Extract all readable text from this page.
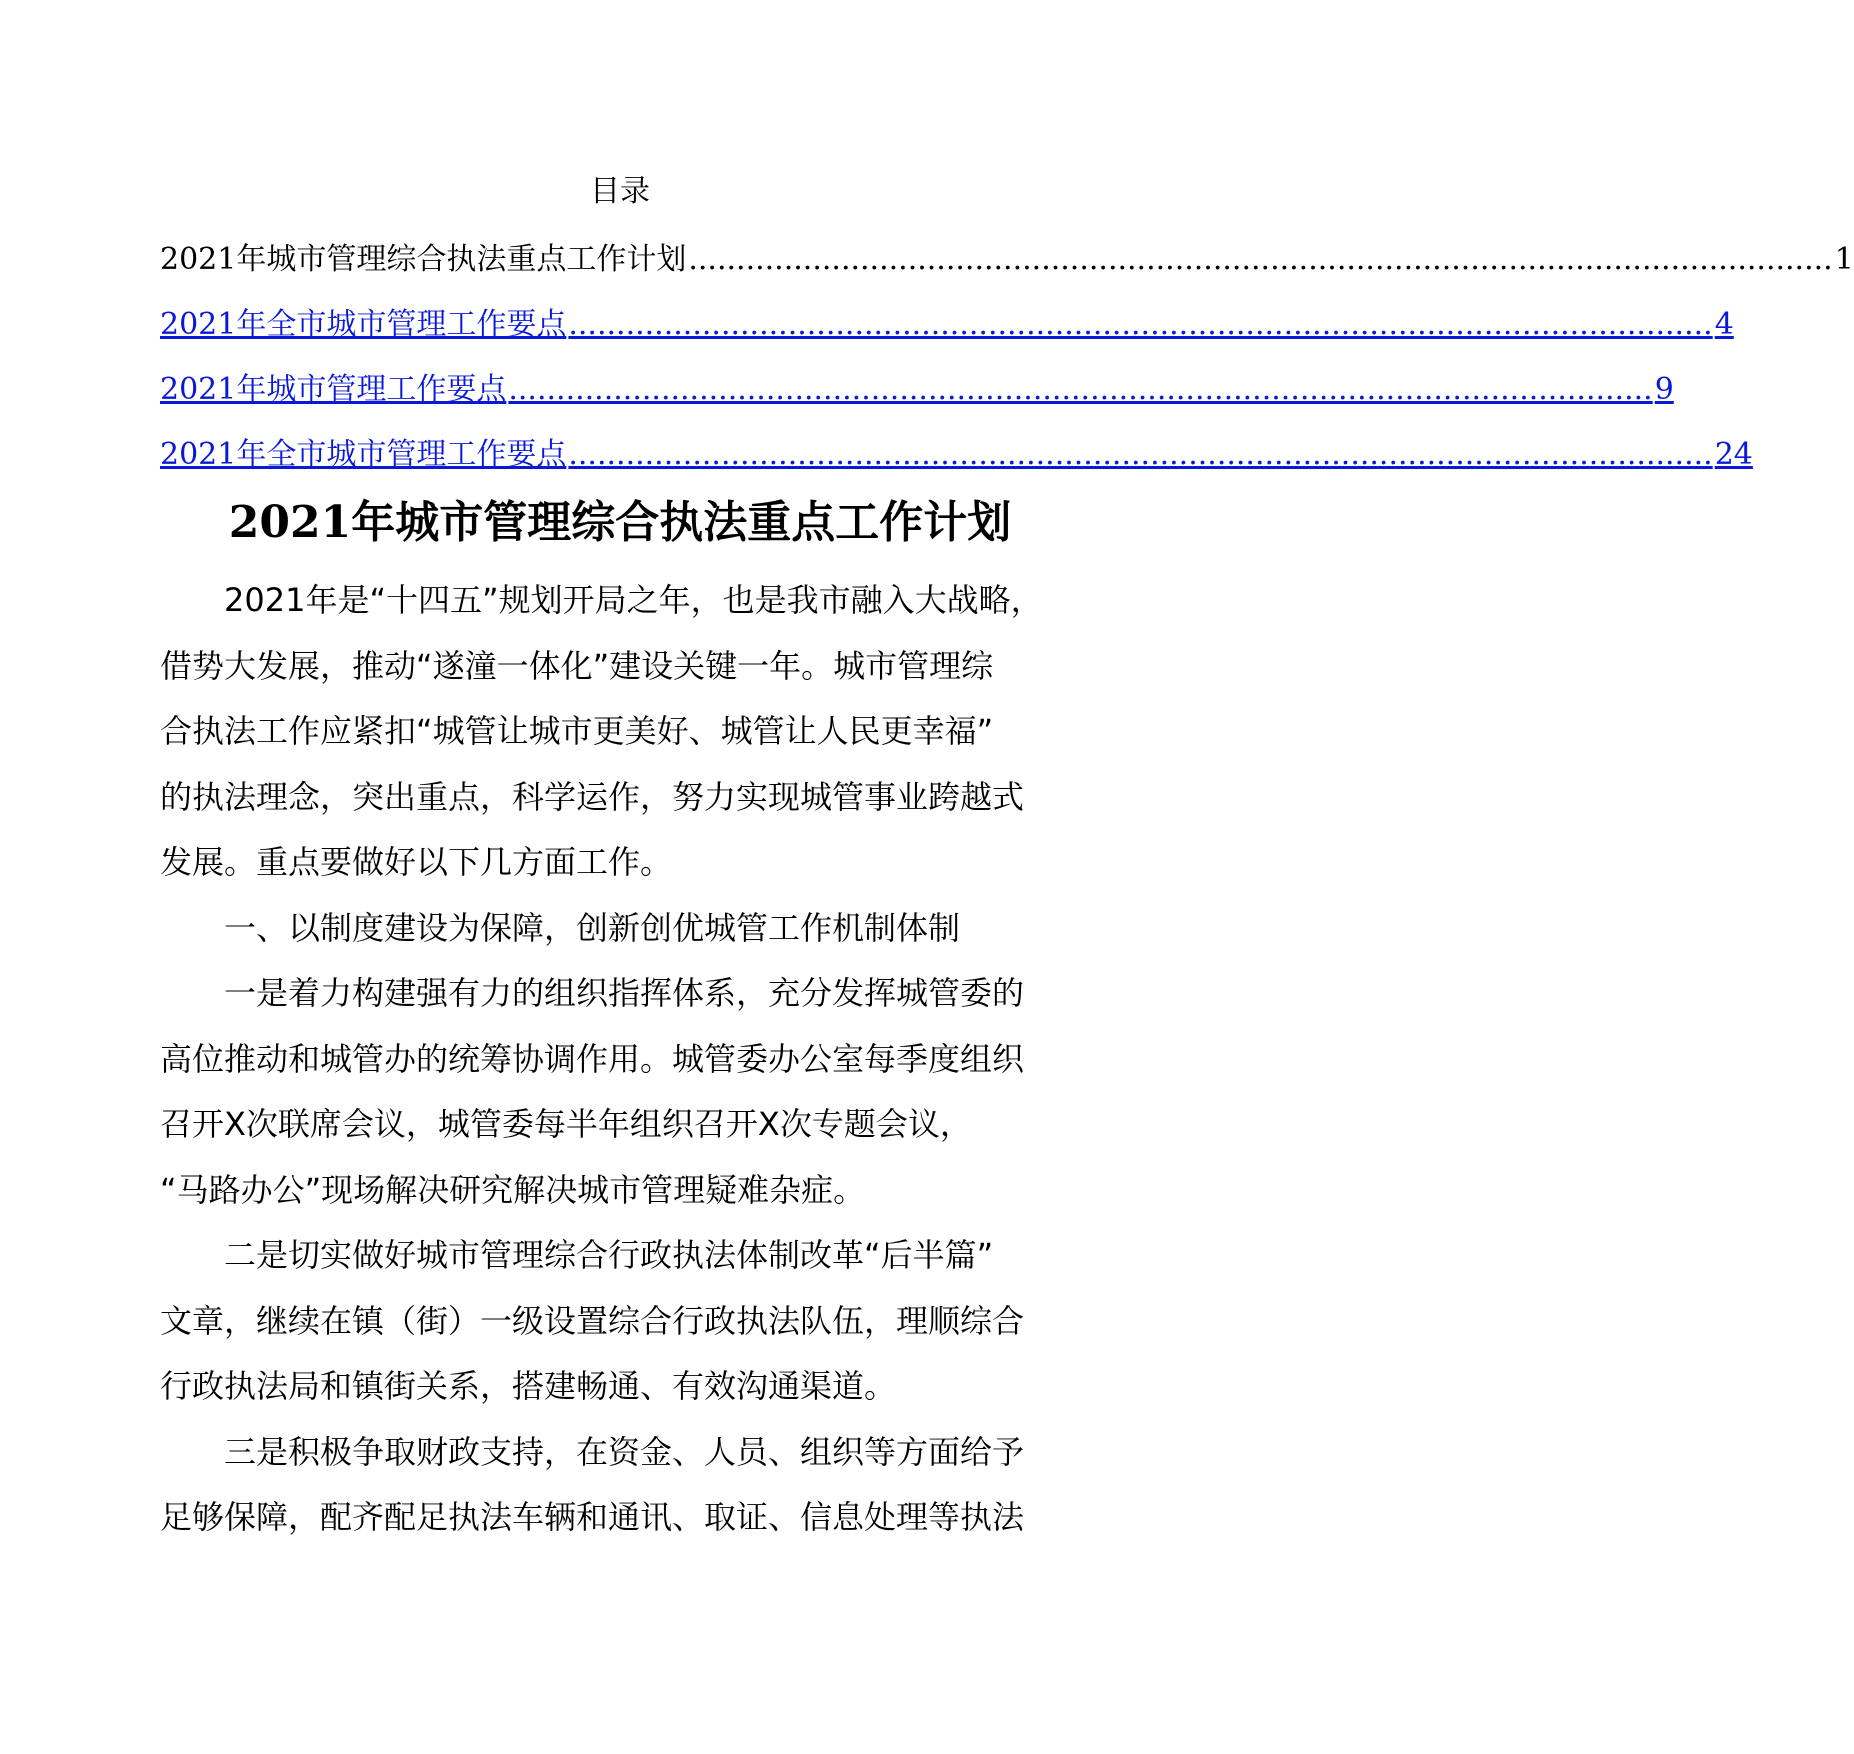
目录
2021年城市管理综合执法重点工作计划 ........................................................................................................................ 1
2021年全市城市管理工作要点 ........................................................................................................................ 4
2021年城市管理工作要点 ........................................................................................................................ 9
2021年全市城市管理工作要点 ........................................................................................................................ 24
2021年城市管理综合执法重点工作计划

2021年是“十四五”规划开局之年，也是我市融入大战略，
借势大发展，推动“遂潼一体化”建设关键一年。城市管理综
合执法工作应紧扣“城管让城市更美好、城管让人民更幸福”
的执法理念，突出重点，科学运作，努力实现城管事业跨越式
发展。重点要做好以下几方面工作。

一、以制度建设为保障，创新创优城管工作机制体制

一是着力构建强有力的组织指挥体系，充分发挥城管委的
高位推动和城管办的统筹协调作用。城管委办公室每季度组织
召开X次联席会议，城管委每半年组织召开X次专题会议，
“马路办公”现场解决研究解决城市管理疑难杂症。

二是切实做好城市管理综合行政执法体制改革“后半篇”
文章，继续在镇（街）一级设置综合行政执法队伍，理顺综合
行政执法局和镇街关系，搭建畅通、有效沟通渠道。

三是积极争取财政支持，在资金、人员、组织等方面给予
足够保障，配齐配足执法车辆和通讯、取证、信息处理等执法
